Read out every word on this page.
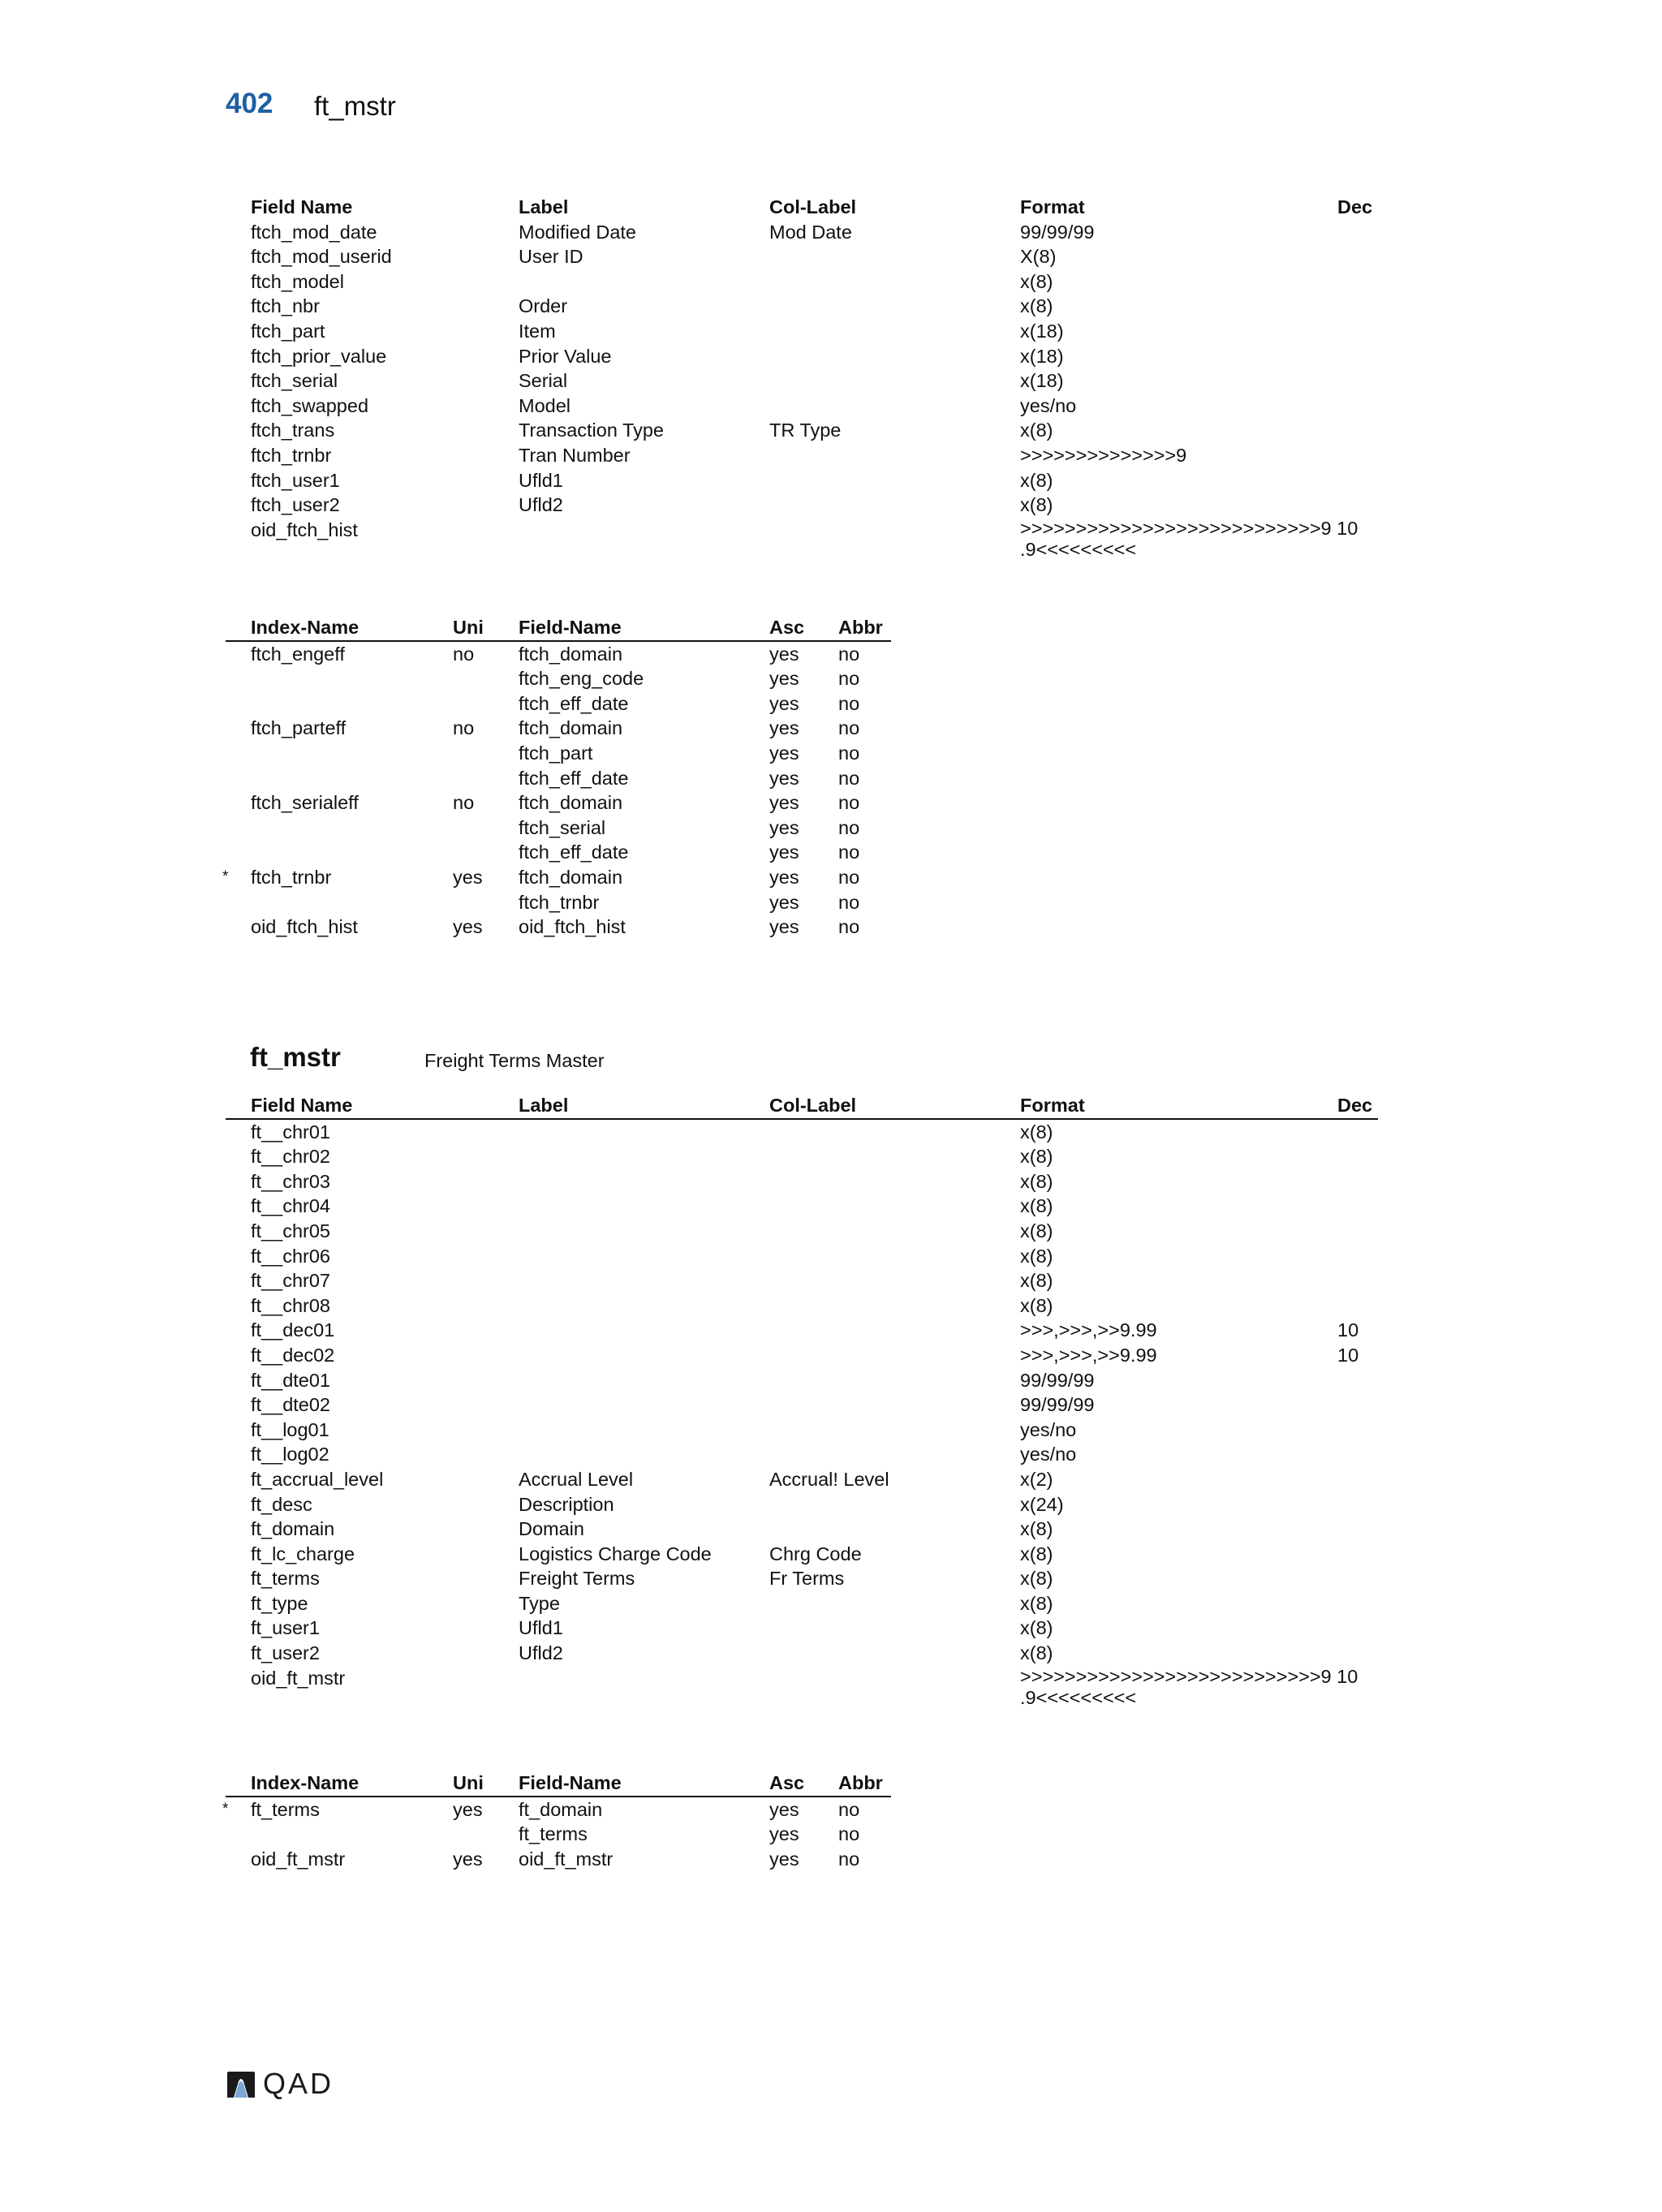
402 ft_mstr
Field Name	Label	Col-Label	Format	Dec
ftch_mod_date	Modified Date	Mod Date	99/99/99
ftch_mod_userid	User ID	X(8)
ftch_model	x(8)
ftch_nbr	Order	x(8)
ftch_part	Item	x(18)
ftch_prior_value	Prior Value	x(18)
ftch_serial	Serial	x(18)
ftch_swapped	Model	yes/no
ftch_trans	Transaction Type	TR Type	x(8)
ftch_trnbr	Tran Number	>>>>>>>>>>>>>>9
ftch_user1	Ufld1	x(8)
ftch_user2	Ufld2	x(8)
oid_ftch_hist	>>>>>>>>>>>>>>>>>>>>>>>>>>>9 10
.9<<<<<<<<<
Index-Name	Uni Field-Name	Asc Abbr
ftch_engeff	no ftch_domain	yes no
ftch_eng_code	yes no
ftch_eff_date	yes no
ftch_parteff	no ftch_domain	yes no
ftch_part	yes no
ftch_eff_date	yes no
ftch_serialeff	no ftch_domain	yes no
ftch_serial	yes no
ftch_eff_date	yes no
* ftch_trnbr	yes ftch_domain	yes no
ftch_trnbr	yes no
oid_ftch_hist	yes oid_ftch_hist	yes no
ft_mstr	Freight Terms Master
Field Name	Label	Col-Label	Format	Dec
ft__chr01	x(8)
ft__chr02	x(8)
ft__chr03	x(8)
ft__chr04	x(8)
ft__chr05	x(8)
ft__chr06	x(8)
ft__chr07	x(8)
ft__chr08	x(8)
ft__dec01	>>>,>>>,>>9.99	10
ft__dec02	>>>,>>>,>>9.99	10
ft__dte01	99/99/99
ft__dte02	99/99/99
ft__log01	yes/no
ft__log02	yes/no
ft_accrual_level	Accrual Level	Accrual! Level	x(2)
ft_desc	Description	x(24)
ft_domain	Domain	x(8)
ft_lc_charge	Logistics Charge Code	Chrg Code	x(8)
ft_terms	Freight Terms	Fr Terms	x(8)
ft_type	Type	x(8)
ft_user1	Ufld1	x(8)
ft_user2	Ufld2	x(8)
oid_ft_mstr	>>>>>>>>>>>>>>>>>>>>>>>>>>>9 10
.9<<<<<<<<<
Index-Name	Uni Field-Name	Asc Abbr
* ft_terms	yes ft_domain	yes no
ft_terms	yes no
oid_ft_mstr	yes oid_ft_mstr	yes no
QAD
